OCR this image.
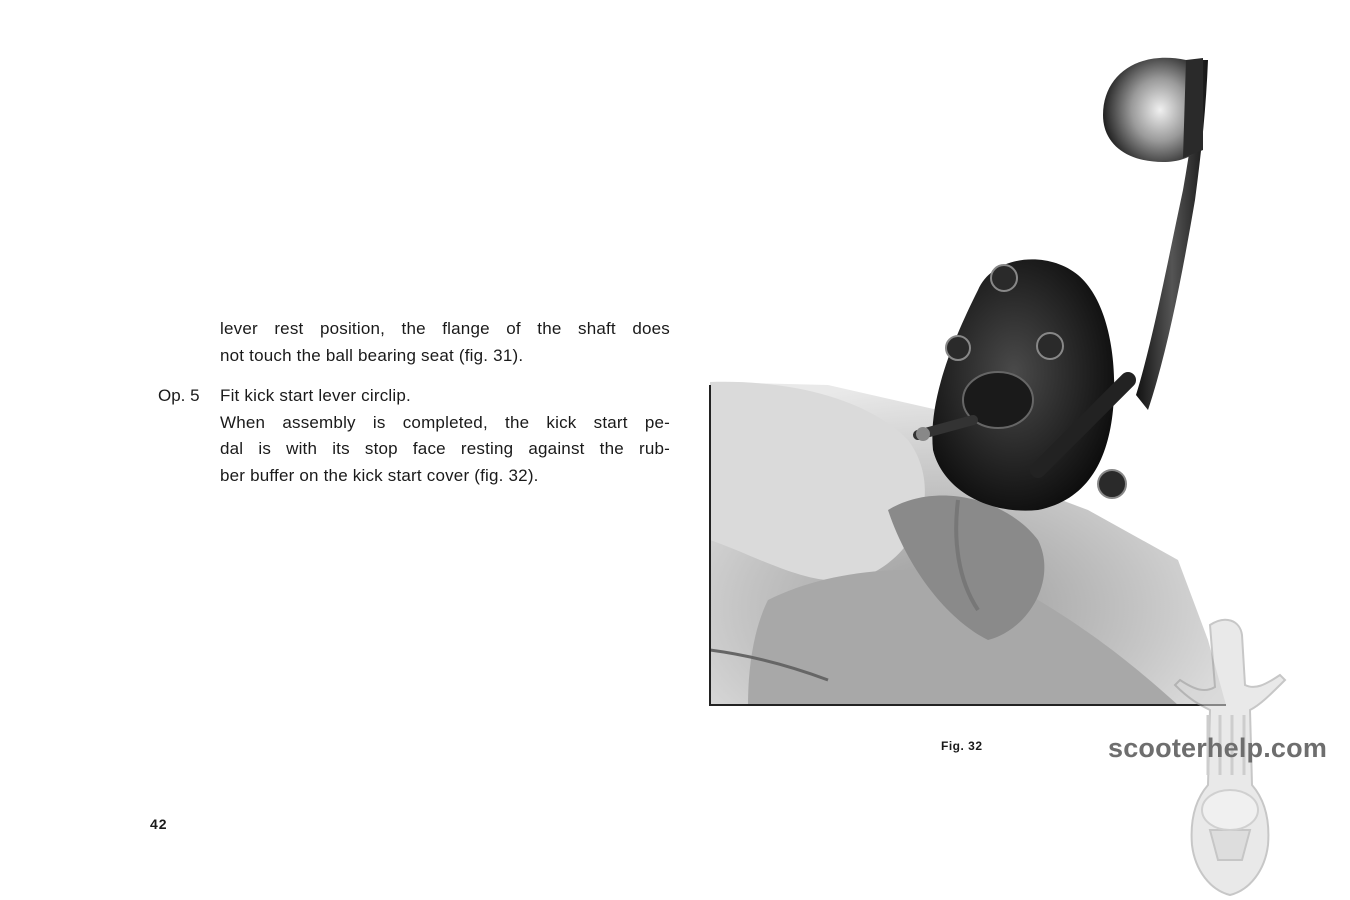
lever rest position, the flange of the shaft does
not touch the ball bearing seat (fig. 31).
Op. 5 Fit kick start lever circlip.
When assembly is completed, the kick start pe-
dal is with its stop face resting against the rub-
ber buffer on the kick start cover (fig. 32).
Fig. 32
42
scooterhelp.com
